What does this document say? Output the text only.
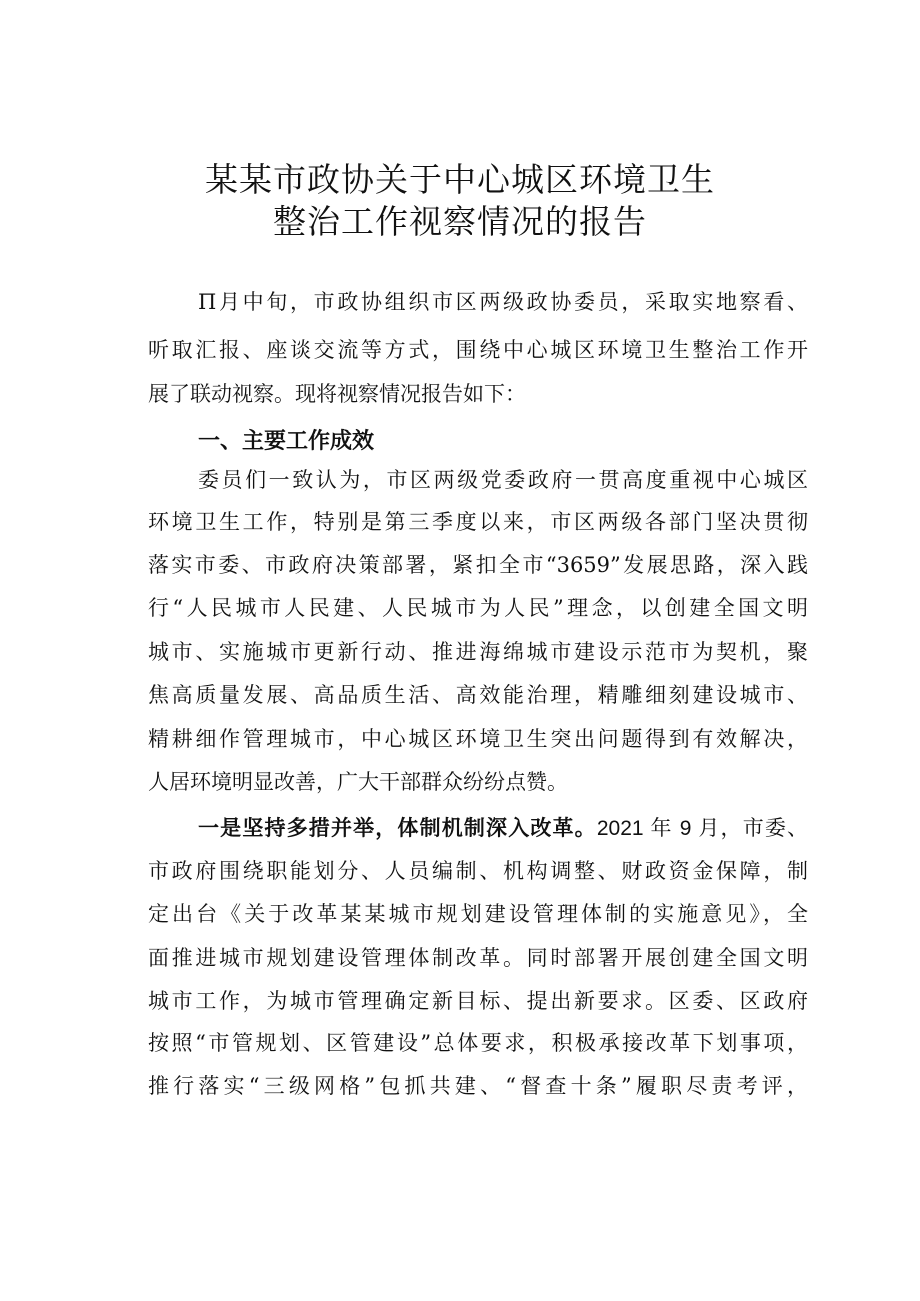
某某市政协关于中心城区环境卫生
整治工作视察情况的报告
Π月中旬，市政协组织市区两级政协委员，采取实地察看、
听取汇报、座谈交流等方式，围绕中心城区环境卫生整治工作开
展了联动视察。现将视察情况报告如下：
一、主要工作成效
委员们一致认为，市区两级党委政府一贯高度重视中心城区
环境卫生工作，特别是第三季度以来，市区两级各部门坚决贯彻
落实市委、市政府决策部署，紧扣全市“3659”发展思路，深入践
行“人民城市人民建、人民城市为人民”理念，以创建全国文明
城市、实施城市更新行动、推进海绵城市建设示范市为契机，聚
焦高质量发展、高品质生活、高效能治理，精雕细刻建设城市、
精耕细作管理城市，中心城区环境卫生突出问题得到有效解决，
人居环境明显改善，广大干部群众纷纷点赞。
一是坚持多措并举，体制机制深入改革。2021 年 9 月，市委、
市政府围绕职能划分、人员编制、机构调整、财政资金保障，制
定出台《关于改革某某城市规划建设管理体制的实施意见》，全
面推进城市规划建设管理体制改革。同时部署开展创建全国文明
城市工作，为城市管理确定新目标、提出新要求。区委、区政府
按照“市管规划、区管建设”总体要求，积极承接改革下划事项，
推行落实“三级网格”包抓共建、“督查十条”履职尽责考评，
